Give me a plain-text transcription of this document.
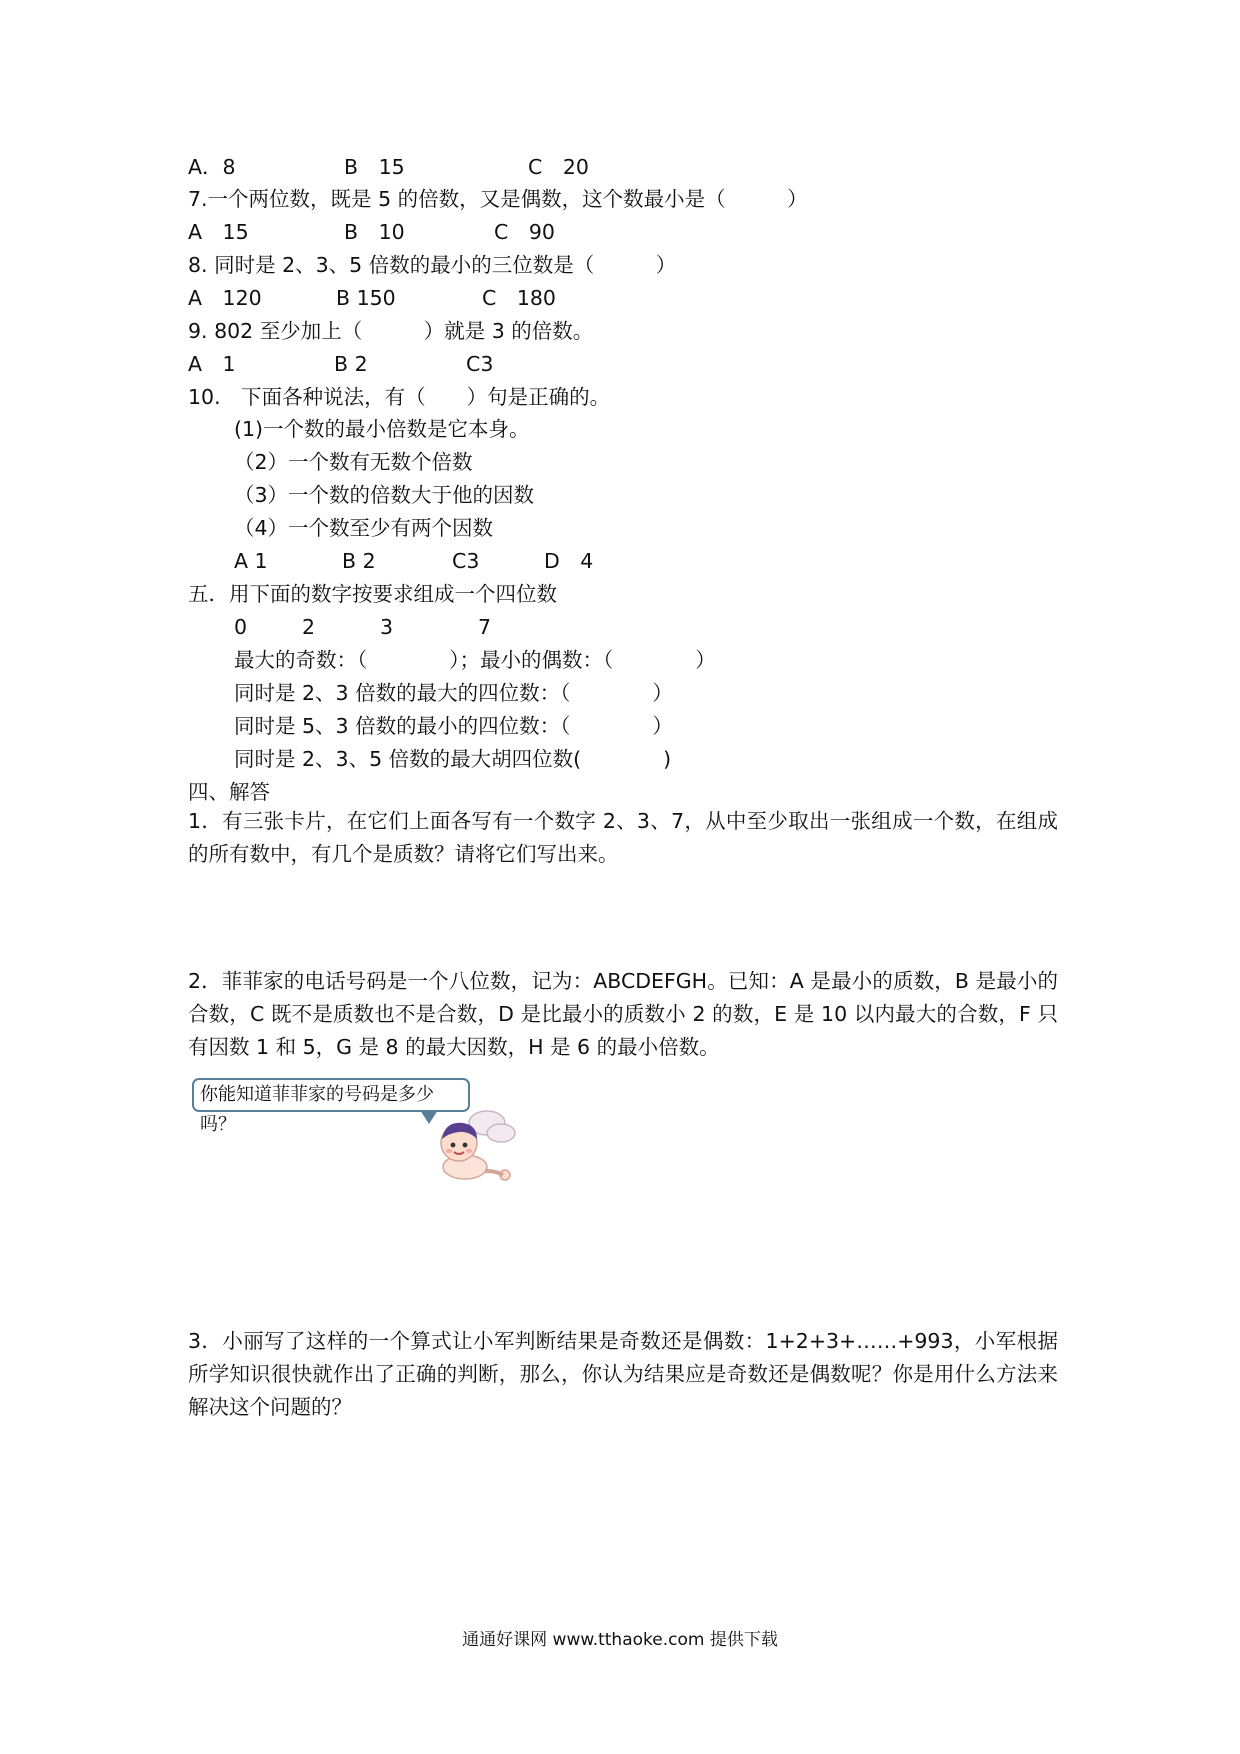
A．8

	B　15

	C　20

7.一个两位数，既是 5 的倍数，又是偶数，这个数最小是（　　　）

A　15

	B　10

	C　90

8. 同时是 2、3、5 倍数的最小的三位数是（　　　）

A　120

	B 150

	C　180

9. 802 至少加上（　　　）就是 3 的倍数。

A　1

	B 2

	C3

10.　下面各种说法，有（　　）句是正确的。
(1)一个数的最小倍数是它本身。
（2）一个数有无数个倍数
（3）一个数的倍数大于他的因数
（4）一个数至少有两个因数

A 1

	B 2

	C3

	D　4

五．用下面的数字按要求组成一个四位数

0

	2

	3

	7

最大的奇数：（　　　　）；最小的偶数：（　　　　）
同时是 2、3 倍数的最大的四位数：（　　　　）
同时是 5、3 倍数的最小的四位数：（　　　　）
同时是 2、3、5 倍数的最大胡四位数(　　　　)
四、解答
1．有三张卡片，在它们上面各写有一个数字 2、3、7，从中至少取出一张组成一个数，在组成的所有数中，有几个是质数？请将它们写出来。
2．菲菲家的电话号码是一个八位数，记为：ABCDEFGH。已知：A 是最小的质数，B 是最小的合数，C 既不是质数也不是合数，D 是比最小的质数小 2 的数，E 是 10 以内最大的合数，F 只有因数 1 和 5，G 是 8 的最大因数，H 是 6 的最小倍数。
你能知道菲菲家的号码是多少吗？
3．小丽写了这样的一个算式让小军判断结果是奇数还是偶数：1+2+3+……+993，小军根据所学知识很快就作出了正确的判断，那么，你认为结果应是奇数还是偶数呢？你是用什么方法来解决这个问题的？
通通好课网 www.tthaoke.com 提供下载
